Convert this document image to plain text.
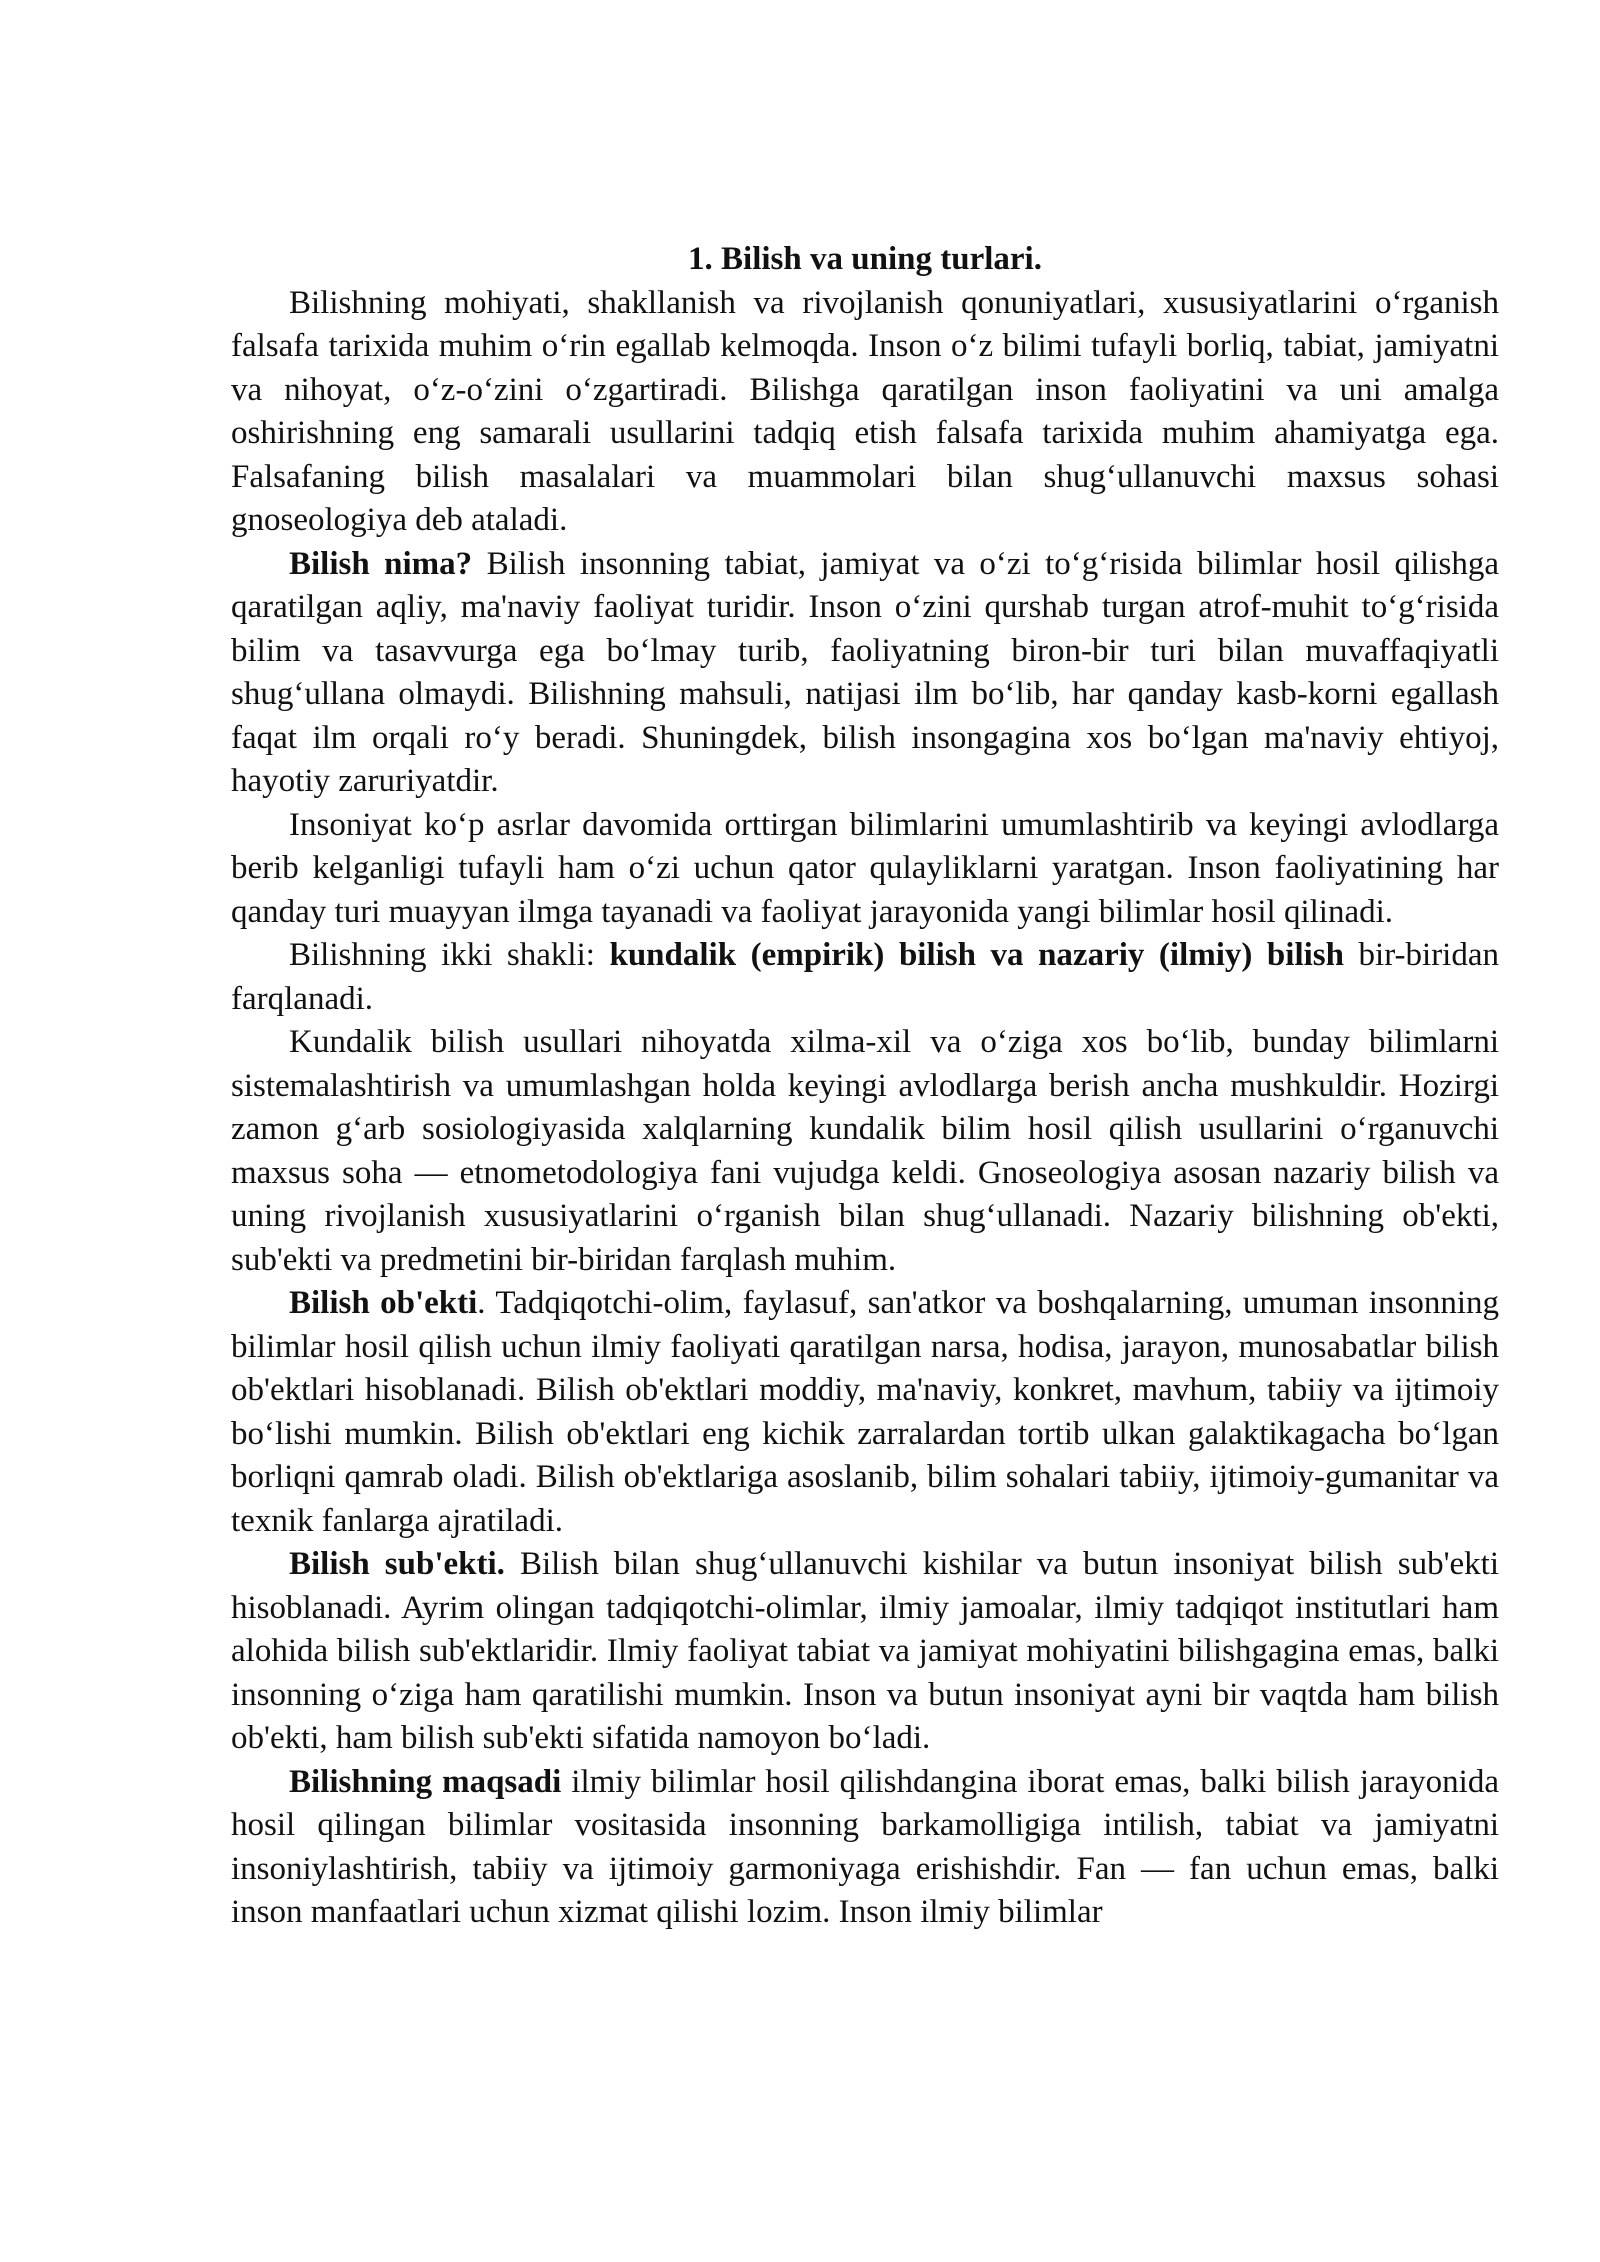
1. Bilish va uning turlari.

Bilishning mohiyati, shakllanish va rivojlanish qonuniyatlari, xususiyatlarini o‘rganish falsafa tarixida muhim o‘rin egallab kelmoqda. Inson o‘z bilimi tufayli borliq, tabiat, jamiyatni va nihoyat, o‘z-o‘zini o‘zgartiradi. Bilishga qaratilgan inson faoliyatini va uni amalga oshirishning eng samarali usullarini tadqiq etish falsafa tarixida muhim ahamiyatga ega. Falsafaning bilish masalalari va muammolari bilan shug‘ullanuvchi maxsus sohasi gnoseologiya deb ataladi.

Bilish nima? Bilish insonning tabiat, jamiyat va o‘zi to‘g‘risida bilimlar hosil qilishga qaratilgan aqliy, ma'naviy faoliyat turidir. Inson o‘zini qurshab turgan atrof-muhit to‘g‘risida bilim va tasavvurga ega bo‘lmay turib, faoliyatning biron-bir turi bilan muvaffaqiyatli shug‘ullana olmaydi. Bilishning mahsuli, natijasi ilm bo‘lib, har qanday kasb-korni egallash faqat ilm orqali ro‘y beradi. Shuningdek, bilish insongagina xos bo‘lgan ma'naviy ehtiyoj, hayotiy zaruriyatdir.

Insoniyat ko‘p asrlar davomida orttirgan bilimlarini umumlashtirib va keyingi avlodlarga berib kelganligi tufayli ham o‘zi uchun qator qulayliklarni yaratgan. Inson faoliyatining har qanday turi muayyan ilmga tayanadi va faoliyat jarayonida yangi bilimlar hosil qilinadi.

Bilishning ikki shakli: kundalik (empirik) bilish va nazariy (ilmiy) bilish bir-biridan farqlanadi.

Kundalik bilish usullari nihoyatda xilma-xil va o‘ziga xos bo‘lib, bunday bilimlarni sistemalashtirish va umumlashgan holda keyingi avlodlarga berish ancha mushkuldir. Hozirgi zamon g‘arb sosiologiyasida xalqlarning kundalik bilim hosil qilish usullarini o‘rganuvchi maxsus soha — etnometodologiya fani vujudga keldi. Gnoseologiya asosan nazariy bilish va uning rivojlanish xususiyatlarini o‘rganish bilan shug‘ullanadi. Nazariy bilishning ob'ekti, sub'ekti va predmetini bir-biridan farqlash muhim.

Bilish ob'ekti. Tadqiqotchi-olim, faylasuf, san'atkor va boshqalarning, umuman insonning bilimlar hosil qilish uchun ilmiy faoliyati qaratilgan narsa, hodisa, jarayon, munosabatlar bilish ob'ektlari hisoblanadi. Bilish ob'ektlari moddiy, ma'naviy, konkret, mavhum, tabiiy va ijtimoiy bo‘lishi mumkin. Bilish ob'ektlari eng kichik zarralardan tortib ulkan galaktikagacha bo‘lgan borliqni qamrab oladi. Bilish ob'ektlariga asoslanib, bilim sohalari tabiiy, ijtimoiy-gumanitar va texnik fanlarga ajratiladi.

Bilish sub'ekti. Bilish bilan shug‘ullanuvchi kishilar va butun insoniyat bilish sub'ekti hisoblanadi. Ayrim olingan tadqiqotchi-olimlar, ilmiy jamoalar, ilmiy tadqiqot institutlari ham alohida bilish sub'ektlaridir. Ilmiy faoliyat tabiat va jamiyat mohiyatini bilishgagina emas, balki insonning o‘ziga ham qaratilishi mumkin. Inson va butun insoniyat ayni bir vaqtda ham bilish ob'ekti, ham bilish sub'ekti sifatida namoyon bo‘ladi.

Bilishning maqsadi ilmiy bilimlar hosil qilishdangina iborat emas, balki bilish jarayonida hosil qilingan bilimlar vositasida insonning barkamolligiga intilish, tabiat va jamiyatni insoniylashtirish, tabiiy va ijtimoiy garmoniyaga erishishdir. Fan — fan uchun emas, balki inson manfaatlari uchun xizmat qilishi lozim. Inson ilmiy bilimlar
